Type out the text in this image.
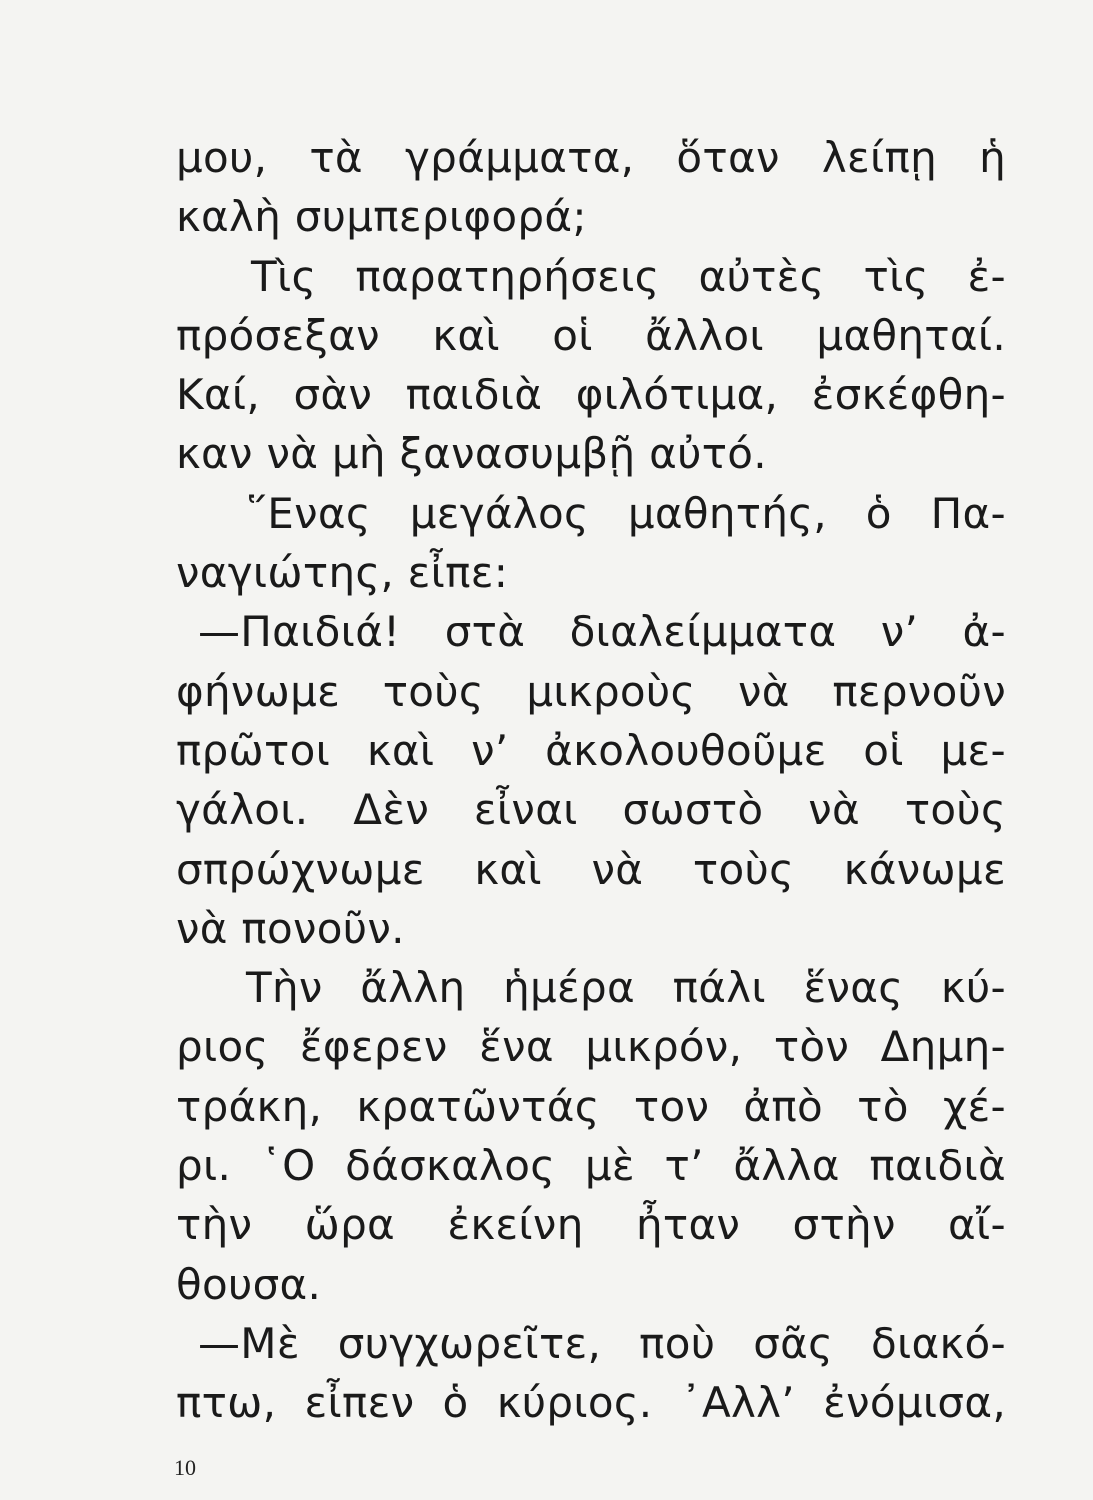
μου, τὰ γράμματα, ὅταν λείπῃ ἡ
καλὴ συμπεριφορά;
Τὶς παρατηρήσεις αὐτὲς τὶς ἐ-
πρόσεξαν καὶ οἱ ἄλλοι μαθηταί.
Καί, σὰν παιδιὰ φιλότιμα, ἐσκέφθη-
καν νὰ μὴ ξανασυμβῇ αὐτό.
῞Ενας μεγάλος μαθητής, ὁ Πα-
ναγιώτης, εἶπε:
—Παιδιά! στὰ διαλείμματα ν’ ἀ-
φήνωμε τοὺς μικροὺς νὰ περνοῦν
πρῶτοι καὶ ν’ ἀκολουθοῦμε οἱ με-
γάλοι. Δὲν εἶναι σωστὸ νὰ τοὺς
σπρώχνωμε καὶ νὰ τοὺς κάνωμε
νὰ πονοῦν.
Τὴν ἄλλη ἡμέρα πάλι ἕνας κύ-
ριος ἔφερεν ἕνα μικρόν, τὸν Δημη-
τράκη, κρατῶντάς τον ἀπὸ τὸ χέ-
ρι. ῾Ο δάσκαλος μὲ τ’ ἄλλα παιδιὰ
τὴν ὥρα ἐκείνη ἦταν στὴν αἴ-
θουσα.
—Μὲ συγχωρεῖτε, ποὺ σᾶς διακό-
πτω, εἶπεν ὁ κύριος. ᾿Αλλ’ ἐνόμισα,
10
